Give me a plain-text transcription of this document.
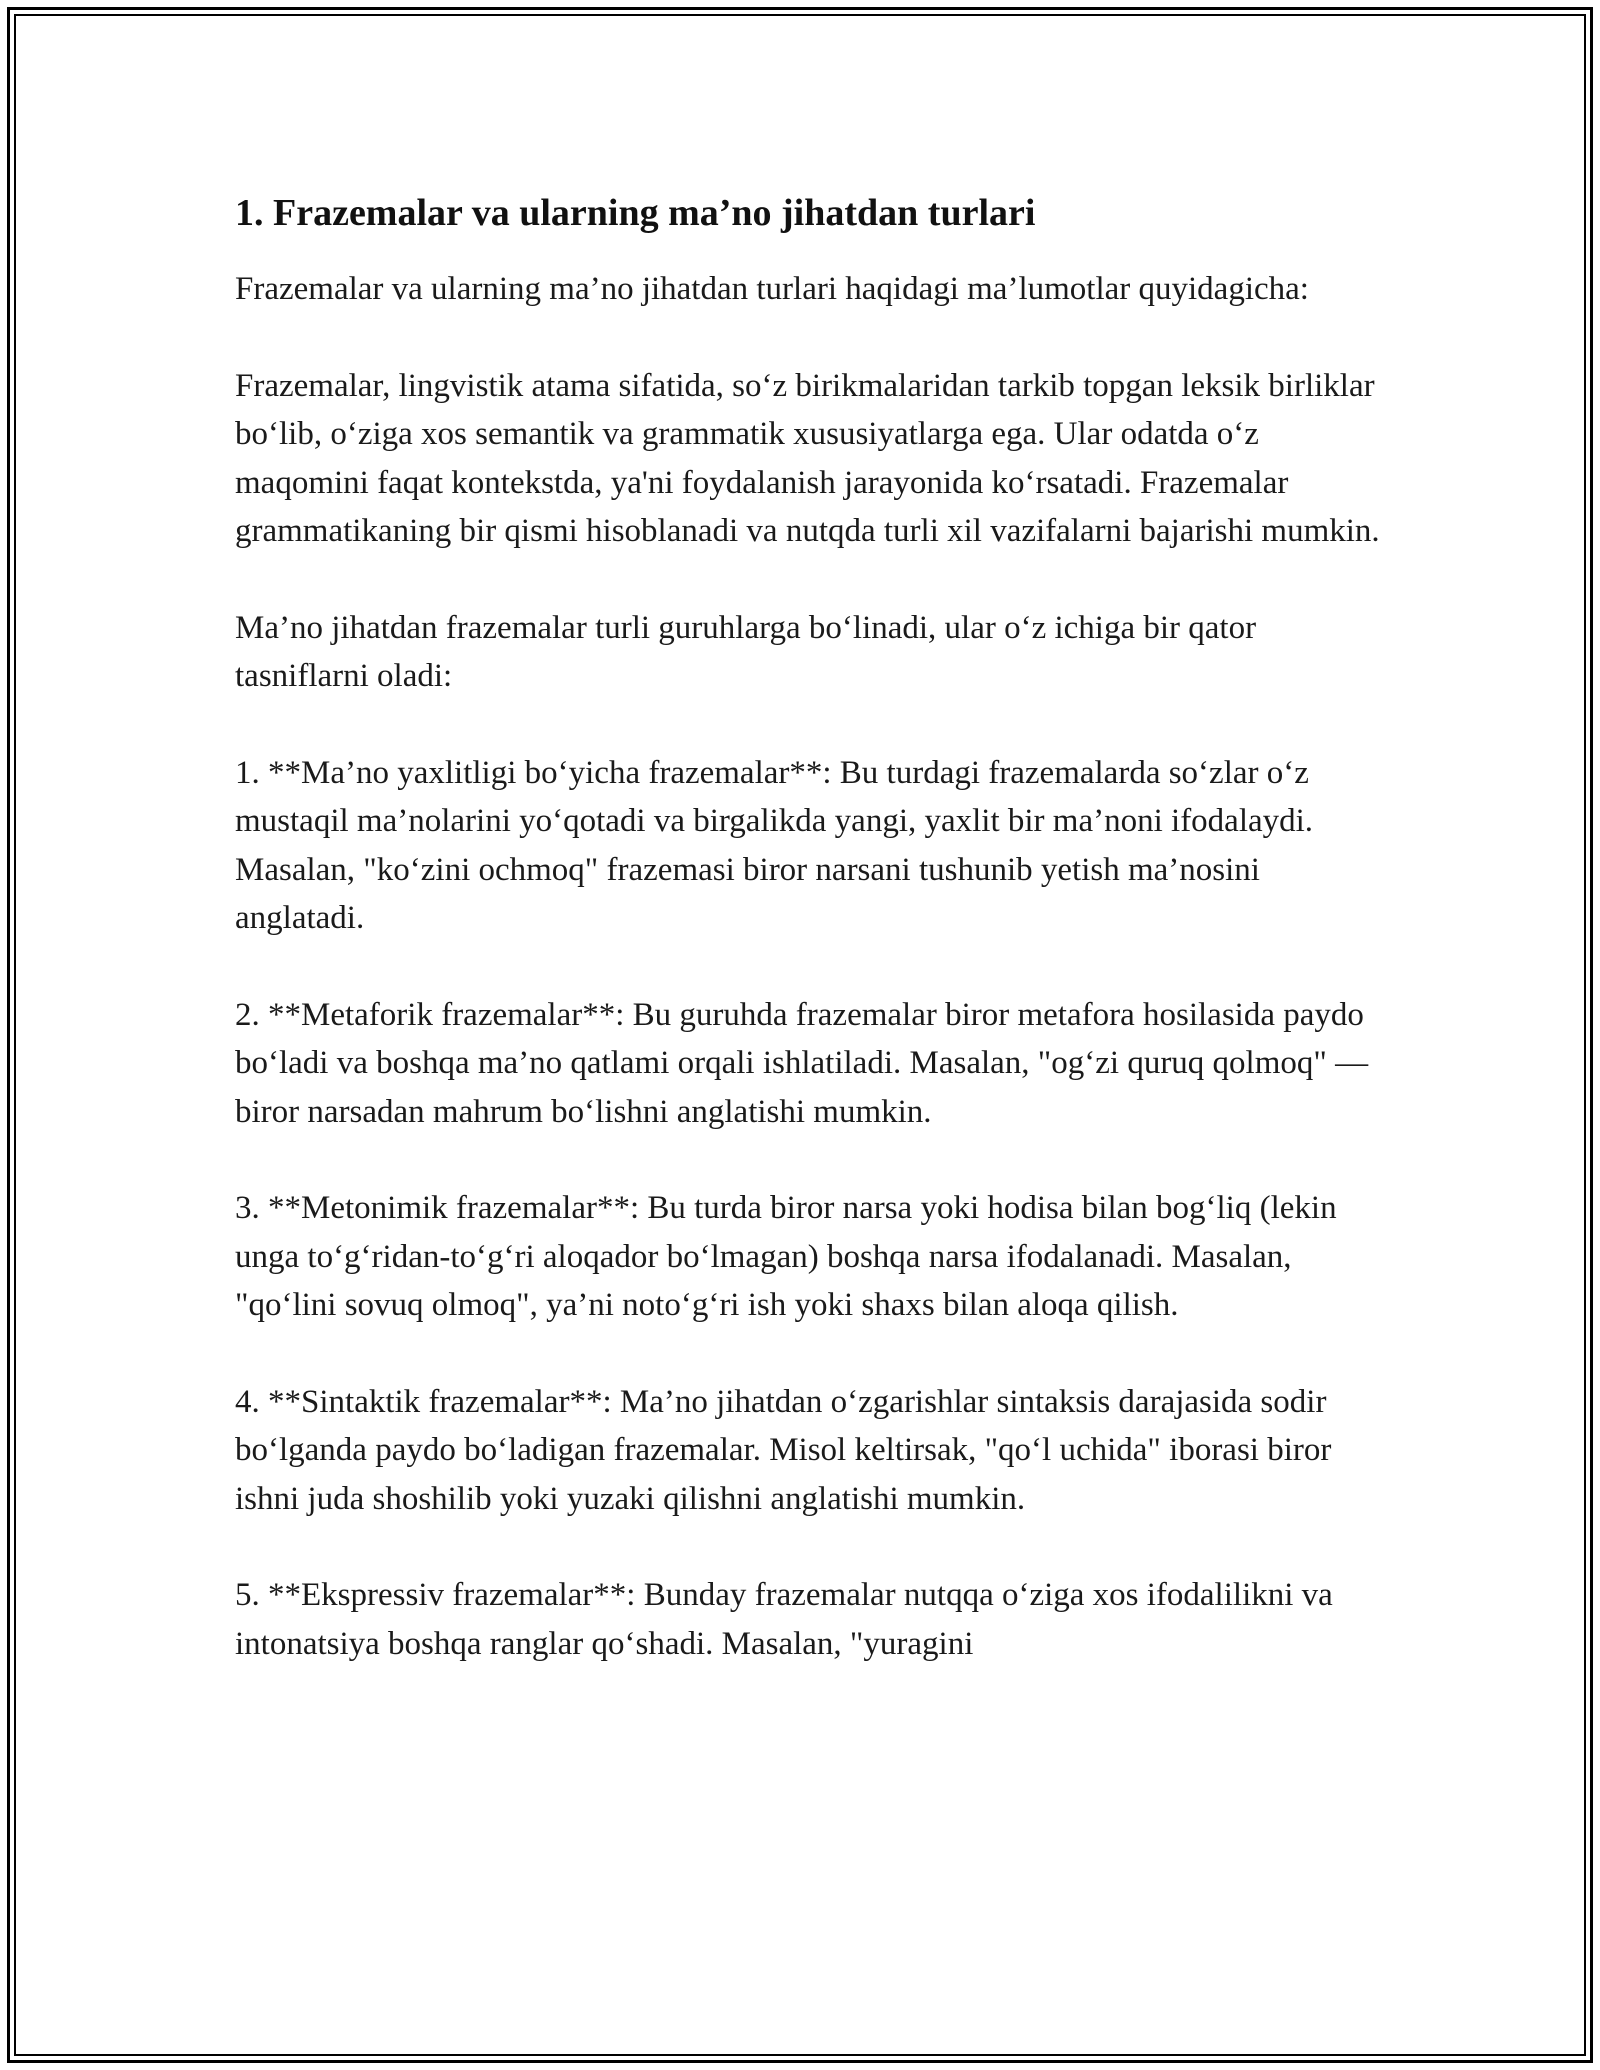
1. Frazemalar va ularning ma’no jihatdan turlari

Frazemalar va ularning ma’no jihatdan turlari haqidagi ma’lumotlar quyidagicha:

Frazemalar, lingvistik atama sifatida, so‘z birikmalaridan tarkib topgan leksik birliklar bo‘lib, o‘ziga xos semantik va grammatik xususiyatlarga ega. Ular odatda o‘z maqomini faqat kontekstda, ya'ni foydalanish jarayonida ko‘rsatadi. Frazemalar grammatikaning bir qismi hisoblanadi va nutqda turli xil vazifalarni bajarishi mumkin.

Ma’no jihatdan frazemalar turli guruhlarga bo‘linadi, ular o‘z ichiga bir qator tasniflarni oladi:

1. **Ma’no yaxlitligi bo‘yicha frazemalar**: Bu turdagi frazemalarda so‘zlar o‘z mustaqil ma’nolarini yo‘qotadi va birgalikda yangi, yaxlit bir ma’noni ifodalaydi. Masalan, "ko‘zini ochmoq" frazemasi biror narsani tushunib yetish ma’nosini anglatadi.

2. **Metaforik frazemalar**: Bu guruhda frazemalar biror metafora hosilasida paydo bo‘ladi va boshqa ma’no qatlami orqali ishlatiladi. Masalan, "og‘zi quruq qolmoq" — biror narsadan mahrum bo‘lishni anglatishi mumkin.

3. **Metonimik frazemalar**: Bu turda biror narsa yoki hodisa bilan bog‘liq (lekin unga to‘g‘ridan-to‘g‘ri aloqador bo‘lmagan) boshqa narsa ifodalanadi. Masalan, "qo‘lini sovuq olmoq", ya’ni noto‘g‘ri ish yoki shaxs bilan aloqa qilish.

4. **Sintaktik frazemalar**: Ma’no jihatdan o‘zgarishlar sintaksis darajasida sodir bo‘lganda paydo bo‘ladigan frazemalar. Misol keltirsak, "qo‘l uchida" iborasi biror ishni juda shoshilib yoki yuzaki qilishni anglatishi mumkin.

5. **Ekspressiv frazemalar**: Bunday frazemalar nutqqa o‘ziga xos ifodalilikni va intonatsiya boshqa ranglar qo‘shadi. Masalan, "yuragini
